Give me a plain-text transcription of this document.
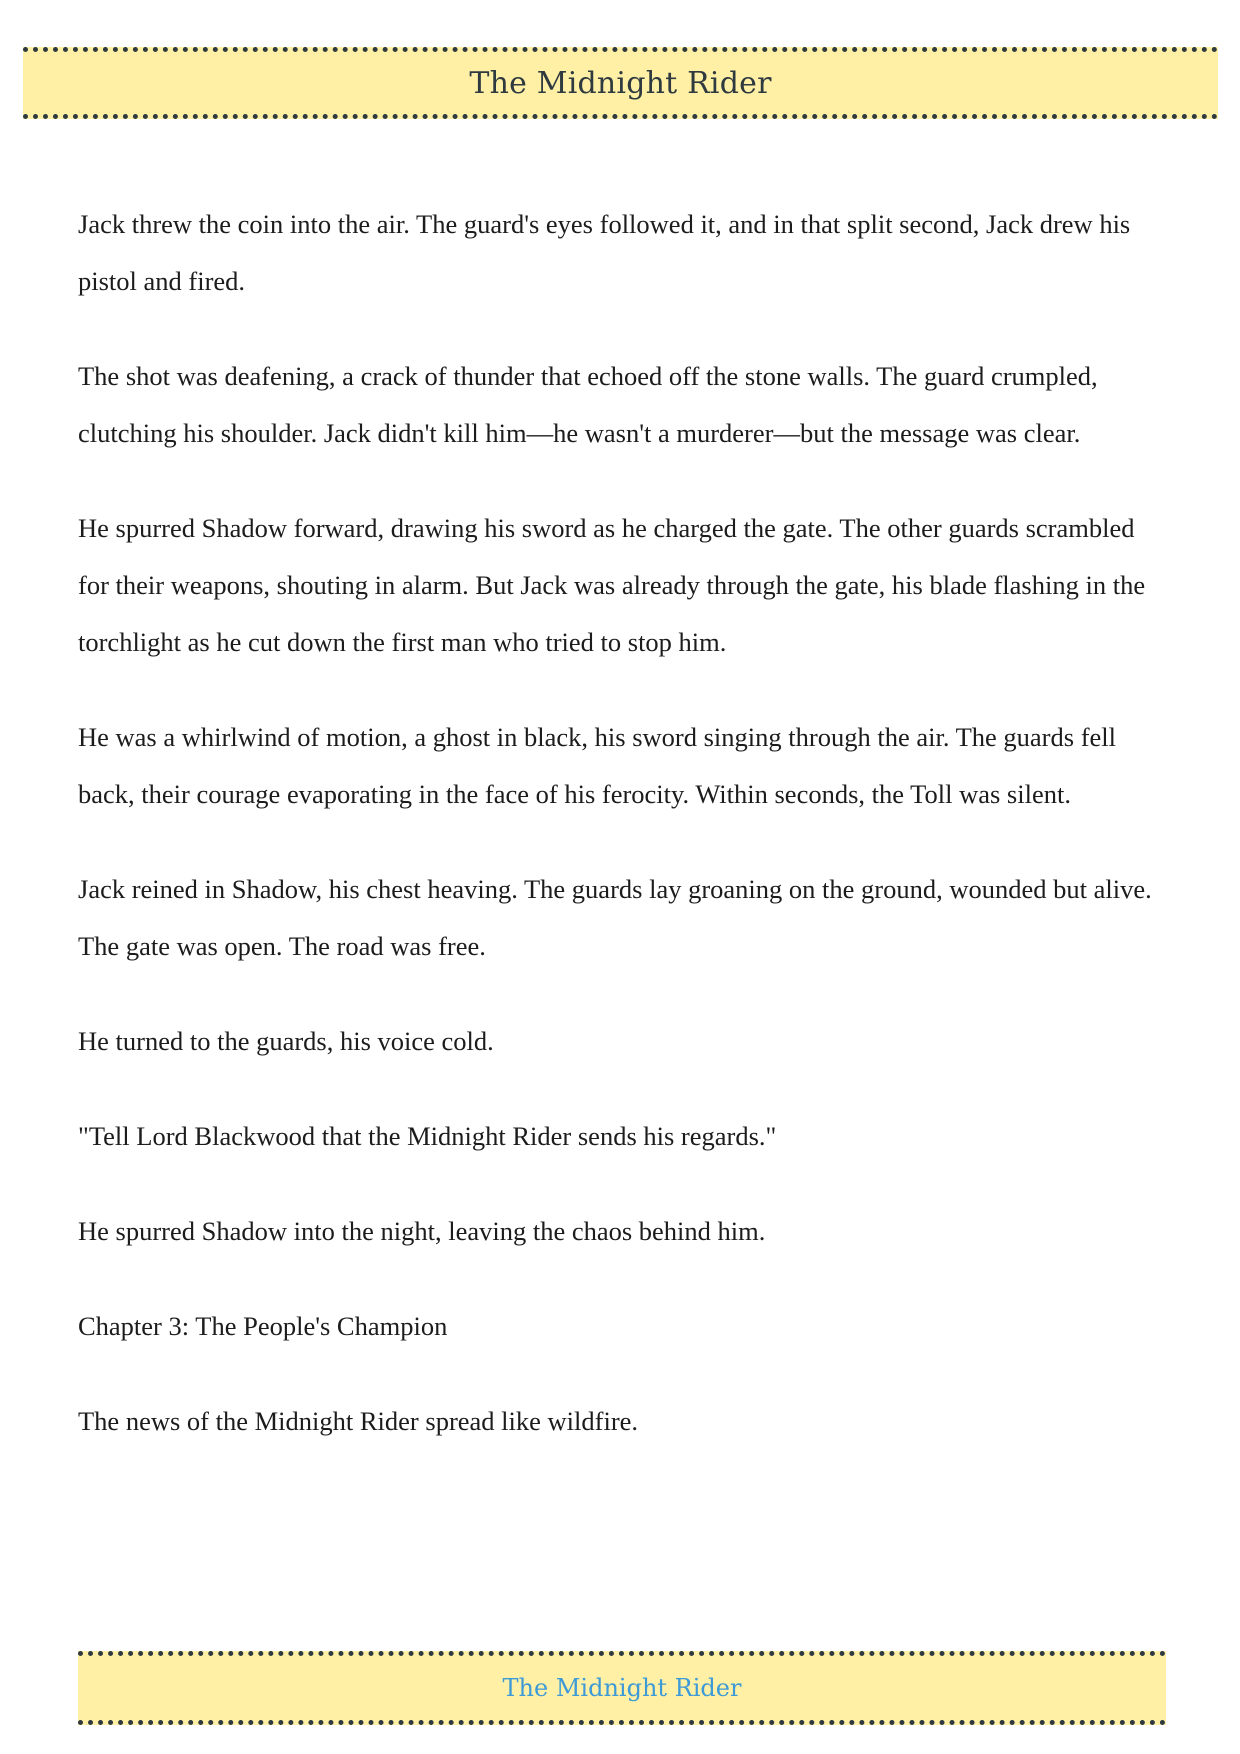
The Midnight Rider

Jack threw the coin into the air. The guard's eyes followed it, and in that split second, Jack drew his pistol and fired.

The shot was deafening, a crack of thunder that echoed off the stone walls. The guard crumpled, clutching his shoulder. Jack didn't kill him—he wasn't a murderer—but the message was clear.

He spurred Shadow forward, drawing his sword as he charged the gate. The other guards scrambled for their weapons, shouting in alarm. But Jack was already through the gate, his blade flashing in the torchlight as he cut down the first man who tried to stop him.

He was a whirlwind of motion, a ghost in black, his sword singing through the air. The guards fell back, their courage evaporating in the face of his ferocity. Within seconds, the Toll was silent.

Jack reined in Shadow, his chest heaving. The guards lay groaning on the ground, wounded but alive. The gate was open. The road was free.

He turned to the guards, his voice cold.

"Tell Lord Blackwood that the Midnight Rider sends his regards."

He spurred Shadow into the night, leaving the chaos behind him.

Chapter 3: The People's Champion

The news of the Midnight Rider spread like wildfire.

The Midnight Rider
